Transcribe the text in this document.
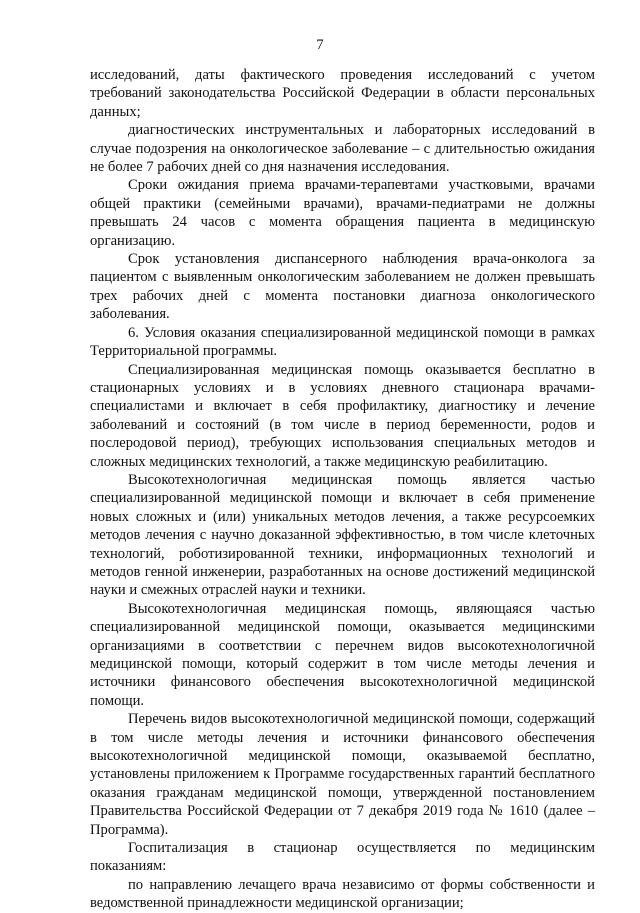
7

исследований, даты фактического проведения исследований с учетом требований законодательства Российской Федерации в области персональных данных;

диагностических инструментальных и лабораторных исследований в случае подозрения на онкологическое заболевание – с длительностью ожидания не более 7 рабочих дней со дня назначения исследования.

Сроки ожидания приема врачами-терапевтами участковыми, врачами общей практики (семейными врачами), врачами-педиатрами не должны превышать 24 часов с момента обращения пациента в медицинскую организацию.

Срок установления диспансерного наблюдения врача-онколога за пациентом с выявленным онкологическим заболеванием не должен превышать трех рабочих дней с момента постановки диагноза онкологического заболевания.

6. Условия оказания специализированной медицинской помощи в рамках Территориальной программы.

Специализированная медицинская помощь оказывается бесплатно в стационарных условиях и в условиях дневного стационара врачами-специалистами и включает в себя профилактику, диагностику и лечение заболеваний и состояний (в том числе в период беременности, родов и послеродовой период), требующих использования специальных методов и сложных медицинских технологий, а также медицинскую реабилитацию.

Высокотехнологичная медицинская помощь является частью специализированной медицинской помощи и включает в себя применение новых сложных и (или) уникальных методов лечения, а также ресурсоемких методов лечения с научно доказанной эффективностью, в том числе клеточных технологий, роботизированной техники, информационных технологий и методов генной инженерии, разработанных на основе достижений медицинской науки и смежных отраслей науки и техники.

Высокотехнологичная медицинская помощь, являющаяся частью специализированной медицинской помощи, оказывается медицинскими организациями в соответствии с перечнем видов высокотехнологичной медицинской помощи, который содержит в том числе методы лечения и источники финансового обеспечения высокотехнологичной медицинской помощи.

Перечень видов высокотехнологичной медицинской помощи, содержащий в том числе методы лечения и источники финансового обеспечения высокотехнологичной медицинской помощи, оказываемой бесплатно, установлены приложением к Программе государственных гарантий бесплатного оказания гражданам медицинской помощи, утвержденной постановлением Правительства Российской Федерации от 7 декабря 2019 года № 1610 (далее – Программа).

Госпитализация в стационар осуществляется по медицинским показаниям:

по направлению лечащего врача независимо от формы собственности и ведомственной принадлежности медицинской организации;
